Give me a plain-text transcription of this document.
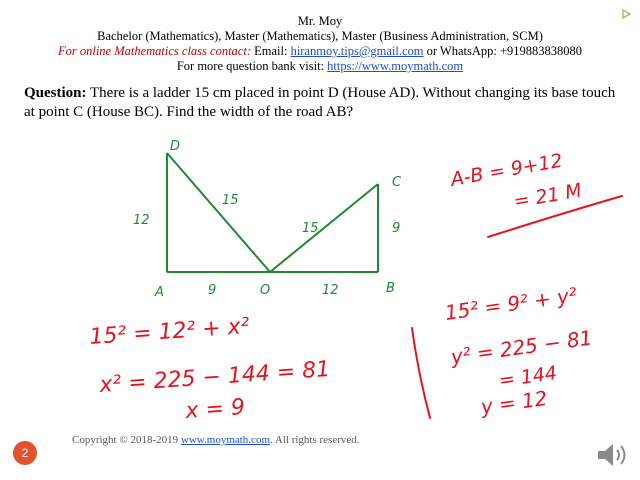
Mr. Moy
Bachelor (Mathematics), Master (Mathematics), Master (Business Administration, SCM)
For online Mathematics class contact: Email: hiranmoy.tips@gmail.com or WhatsApp: +919883838080
For more question bank visit: https://www.moymath.com
Question: There is a ladder 15 cm placed in point D (House AD). Without changing its base touch at point C (House BC). Find the width of the road AB?
D
C
A	O	B
12
15
15	9
9	12
A-B = 9+12
= 21 M
15² = 12² + x²
x² = 225 − 144 = 81
x = 9
15² = 9² + y²
y² = 225 − 81
= 144
y = 12
2
Copyright © 2018-2019 www.moymath.com. All rights reserved.
